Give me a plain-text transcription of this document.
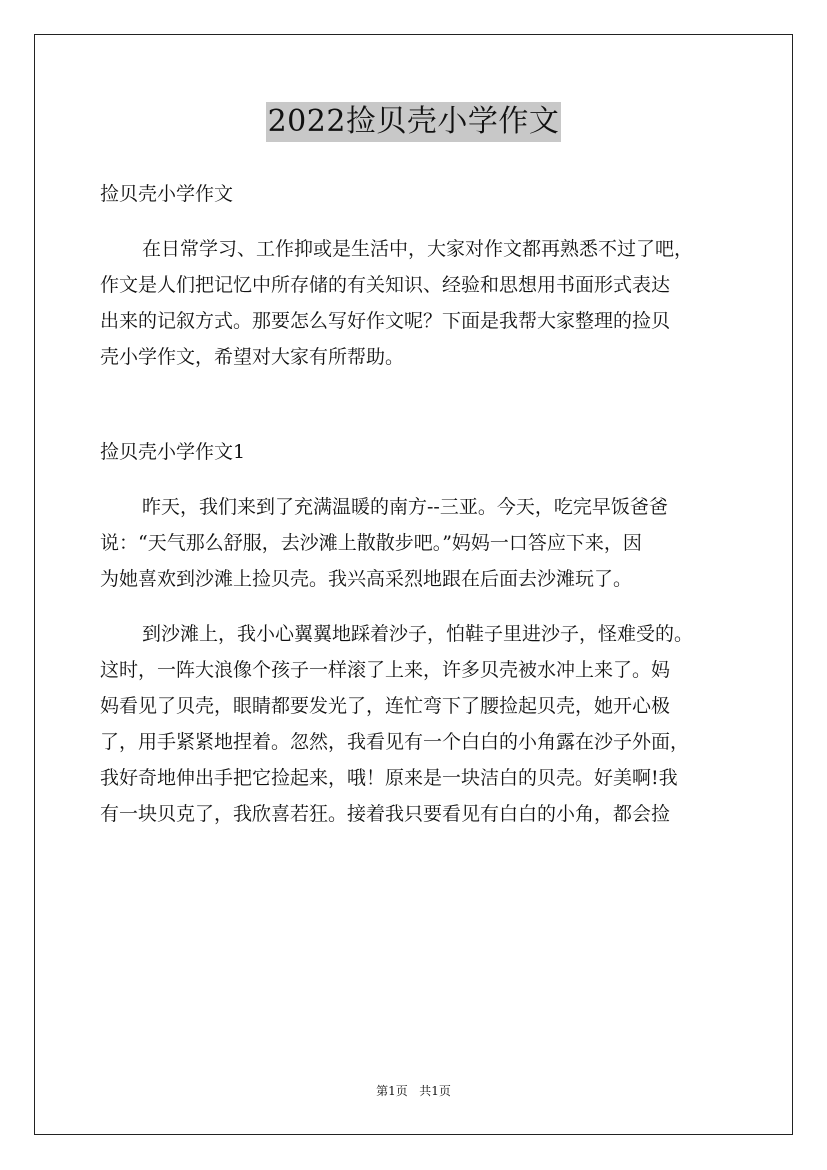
2022捡贝壳小学作文
捡贝壳小学作文
在日常学习、工作抑或是生活中，大家对作文都再熟悉不过了吧，
作文是人们把记忆中所存储的有关知识、经验和思想用书面形式表达
出来的记叙方式。那要怎么写好作文呢？下面是我帮大家整理的捡贝
壳小学作文，希望对大家有所帮助。
捡贝壳小学作文1
昨天，我们来到了充满温暖的南方--三亚。今天，吃完早饭爸爸
说：“天气那么舒服，去沙滩上散散步吧。”妈妈一口答应下来，因
为她喜欢到沙滩上捡贝壳。我兴高采烈地跟在后面去沙滩玩了。
到沙滩上，我小心翼翼地踩着沙子，怕鞋子里进沙子，怪难受的。
这时，一阵大浪像个孩子一样滚了上来，许多贝壳被水冲上来了。妈
妈看见了贝壳，眼睛都要发光了，连忙弯下了腰捡起贝壳，她开心极
了，用手紧紧地捏着。忽然，我看见有一个白白的小角露在沙子外面，
我好奇地伸出手把它捡起来，哦！原来是一块洁白的贝壳。好美啊!我
有一块贝克了，我欣喜若狂。接着我只要看见有白白的小角，都会捡
第1页 共1页
